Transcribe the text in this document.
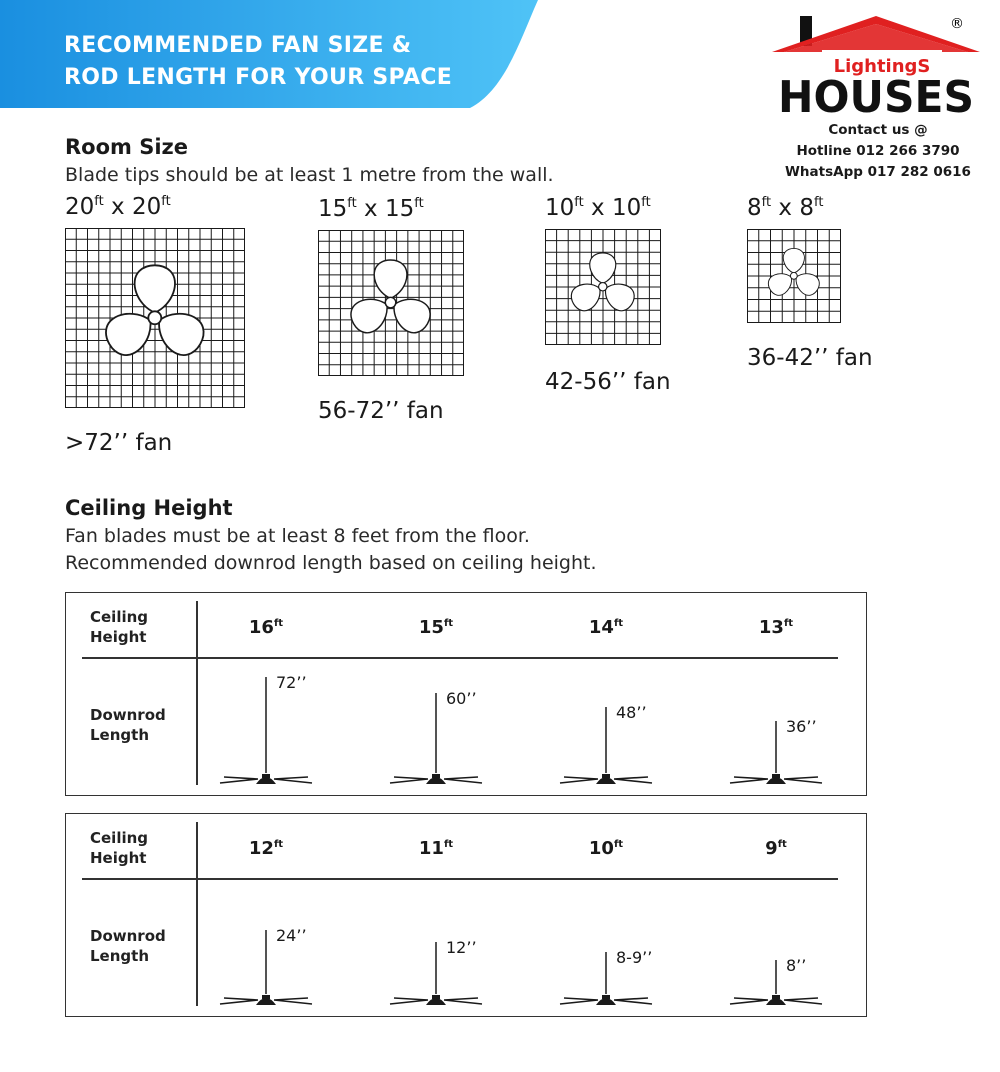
RECOMMENDED FAN SIZE &
ROD LENGTH FOR YOUR SPACE
®
LightingS
HOUSES
Contact us @
Hotline 012 266 3790
WhatsApp 017 282 0616
Room Size
Blade tips should be at least 1 metre from the wall.
$20^{ft}$ x $20^{ft}$
>72’’ fan
$15^{ft}$ x $15^{ft}$
56-72’’ fan
$10^{ft}$ x $10^{ft}$
42-56’’ fan
$8^{ft}$ x $8^{ft}$
36-42’’ fan
Ceiling Height
Fan blades must be at least 8 feet from the floor.
Recommended downrod length based on ceiling height.
Ceiling
Height
Downrod
Length
$16^{ft}$
72’’
$15^{ft}$
60’’
$14^{ft}$
48’’
$13^{ft}$
36’’
Ceiling
Height
Downrod
Length
$12^{ft}$
24’’
$11^{ft}$
12’’
$10^{ft}$
8-9’’
$9^{ft}$
8’’
